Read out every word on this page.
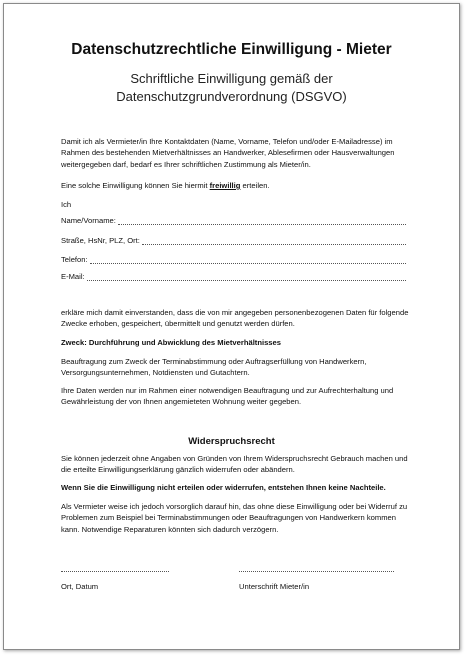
Datenschutzrechtliche Einwilligung - Mieter
Schriftliche Einwilligung gemäß der
Datenschutzgrundverordnung (DSGVO)
Damit ich als Vermieter/in Ihre Kontaktdaten (Name, Vorname, Telefon und/oder E-Mailadresse) im Rahmen des bestehenden Mietverhältnisses an Handwerker, Ablesefirmen oder Hausverwaltungen weitergegeben darf, bedarf es Ihrer schriftlichen Zustimmung als Mieter/in.
Eine solche Einwilligung können Sie hiermit freiwillig erteilen.
Ich
Name/Vorname:
Straße, HsNr, PLZ, Ort:
Telefon:
E-Mail:
erkläre mich damit einverstanden, dass die von mir angegeben personenbezogenen Daten für folgende Zwecke erhoben, gespeichert, übermittelt und genutzt werden dürfen.
Zweck: Durchführung und Abwicklung des Mietverhältnisses
Beauftragung zum Zweck der Terminabstimmung oder Auftragserfüllung von Handwerkern, Versorgungsunternehmen, Notdiensten und Gutachtern.
Ihre Daten werden nur im Rahmen einer notwendigen Beauftragung und zur Aufrechterhaltung und Gewährleistung der von Ihnen angemieteten Wohnung weiter gegeben.
Widerspruchsrecht
Sie können jederzeit ohne Angaben von Gründen von Ihrem Widerspruchsrecht Gebrauch machen und die erteilte Einwilligungserklärung gänzlich widerrufen oder abändern.
Wenn Sie die Einwilligung nicht erteilen oder widerrufen, entstehen Ihnen keine Nachteile.
Als Vermieter weise ich jedoch vorsorglich darauf hin, das ohne diese Einwilligung oder bei Widerruf zu Problemen zum Beispiel bei Terminabstimmungen oder Beauftragungen von Handwerkern kommen kann. Notwendige Reparaturen könnten sich dadurch verzögern.
Ort, Datum	Unterschrift Mieter/in
